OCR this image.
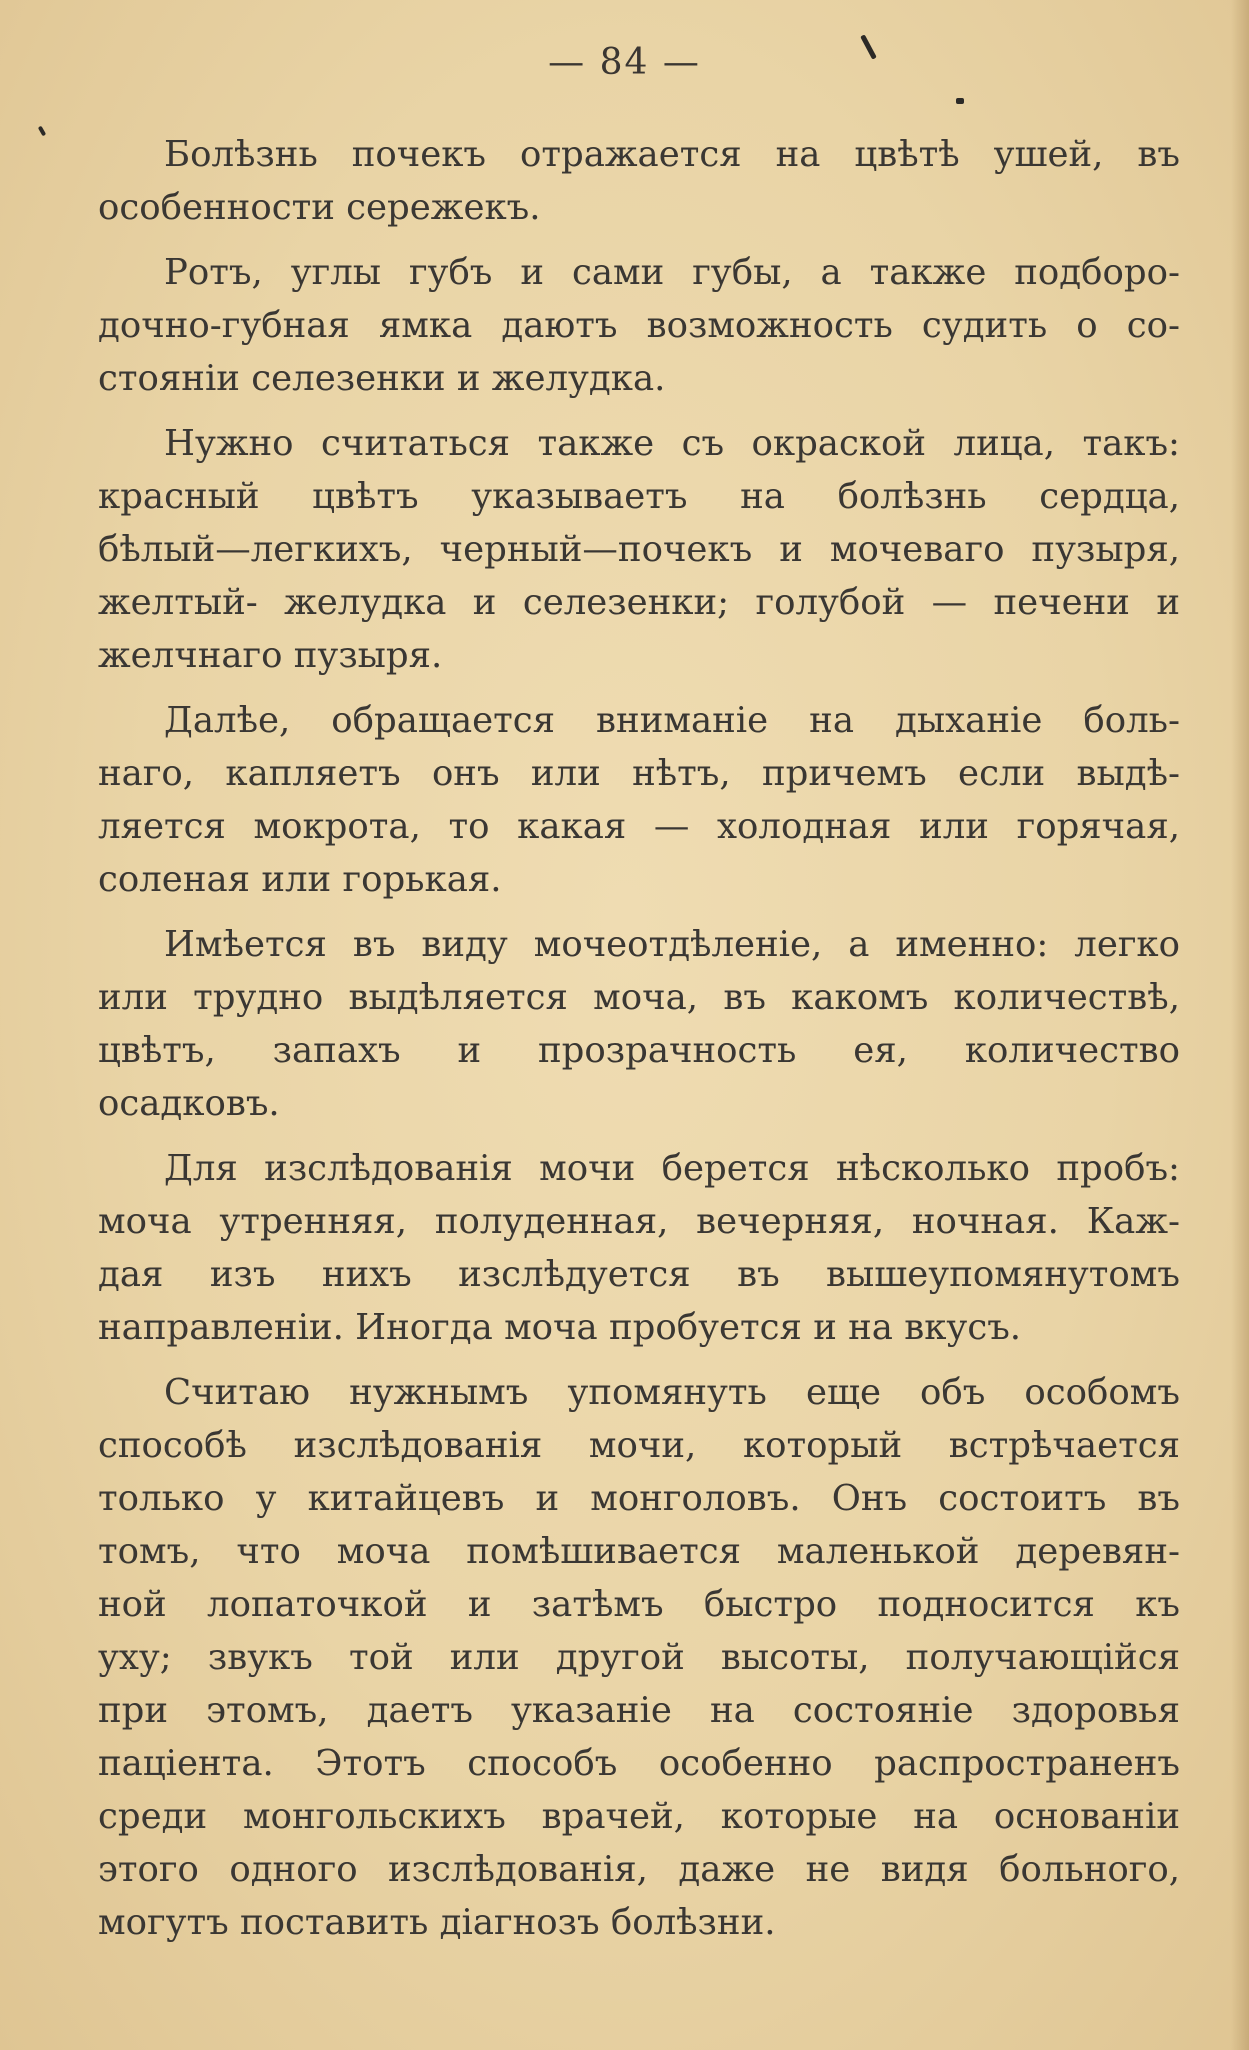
— 84 —

Болѣзнь почекъ отражается на цвѣтѣ ушей, въ
особенности сережекъ.

Ротъ, углы губъ и сами губы, а также подборо-
дочно-губная ямка даютъ возможность судить о со-
стояніи селезенки и желудка.

Нужно считаться также съ окраской лица, такъ:
красный цвѣтъ указываетъ на болѣзнь сердца,
бѣлый—легкихъ, черный—почекъ и мочеваго пузыря,
желтый- желудка и селезенки; голубой — печени и
желчнаго пузыря.

Далѣе, обращается вниманіе на дыханіе боль-
наго, капляетъ онъ или нѣтъ, причемъ если выдѣ-
ляется мокрота, то какая — холодная или горячая,
соленая или горькая.

Имѣется въ виду мочеотдѣленіе, а именно: легко
или трудно выдѣляется моча, въ какомъ количествѣ,
цвѣтъ, запахъ и прозрачность ея, количество
осадковъ.

Для изслѣдованія мочи берется нѣсколько пробъ:
моча утренняя, полуденная, вечерняя, ночная. Каж-
дая изъ нихъ изслѣдуется въ вышеупомянутомъ
направленіи. Иногда моча пробуется и на вкусъ.

Считаю нужнымъ упомянуть еще объ особомъ
способѣ изслѣдованія мочи, который встрѣчается
только у китайцевъ и монголовъ. Онъ состоитъ въ
томъ, что моча помѣшивается маленькой деревян-
ной лопаточкой и затѣмъ быстро подносится къ
уху; звукъ той или другой высоты, получающійся
при этомъ, даетъ указаніе на состояніе здоровья
паціента. Этотъ способъ особенно распространенъ
среди монгольскихъ врачей, которые на основаніи
этого одного изслѣдованія, даже не видя больного,
могутъ поставить діагнозъ болѣзни.
